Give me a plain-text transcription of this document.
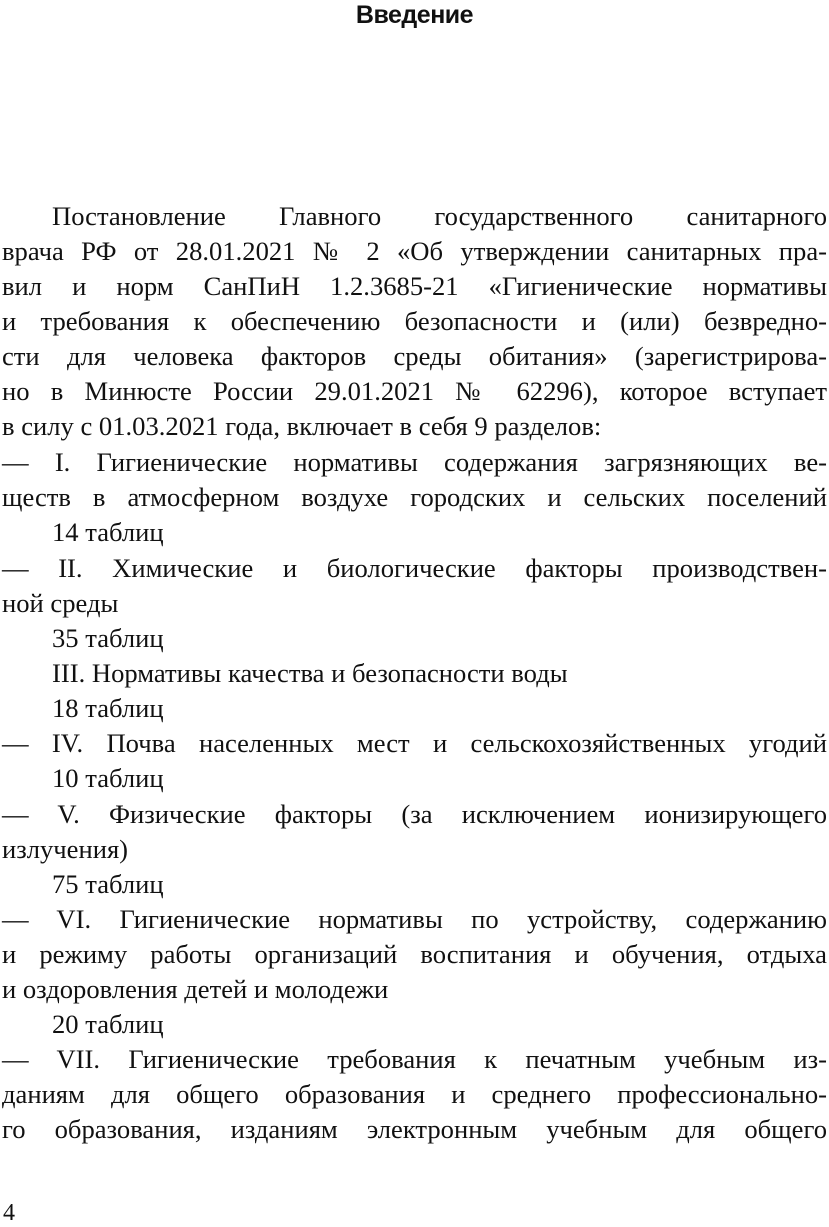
Введение
Постановление Главного государственного санитарного
врача РФ от 28.01.2021 № 2 «Об утверждении санитарных пра-
вил и норм СанПиН 1.2.3685-21 «Гигиенические нормативы
и требования к обеспечению безопасности и (или) безвредно-
сти для человека факторов среды обитания» (зарегистрирова-
но в Минюсте России 29.01.2021 № 62296), которое вступает
в силу с 01.03.2021 года, включает в себя 9 разделов:
— I. Гигиенические нормативы содержания загрязняющих ве-
ществ в атмосферном воздухе городских и сельских поселений
14 таблиц
— II. Химические и биологические факторы производствен-
ной среды
35 таблиц
III. Нормативы качества и безопасности воды
18 таблиц
— IV. Почва населенных мест и сельскохозяйственных угодий
10 таблиц
— V. Физические факторы (за исключением ионизирующего
излучения)
75 таблиц
— VI. Гигиенические нормативы по устройству, содержанию
и режиму работы организаций воспитания и обучения, отдыха
и оздоровления детей и молодежи
20 таблиц
— VII. Гигиенические требования к печатным учебным из-
даниям для общего образования и среднего профессионально-
го образования, изданиям электронным учебным для общего
4
